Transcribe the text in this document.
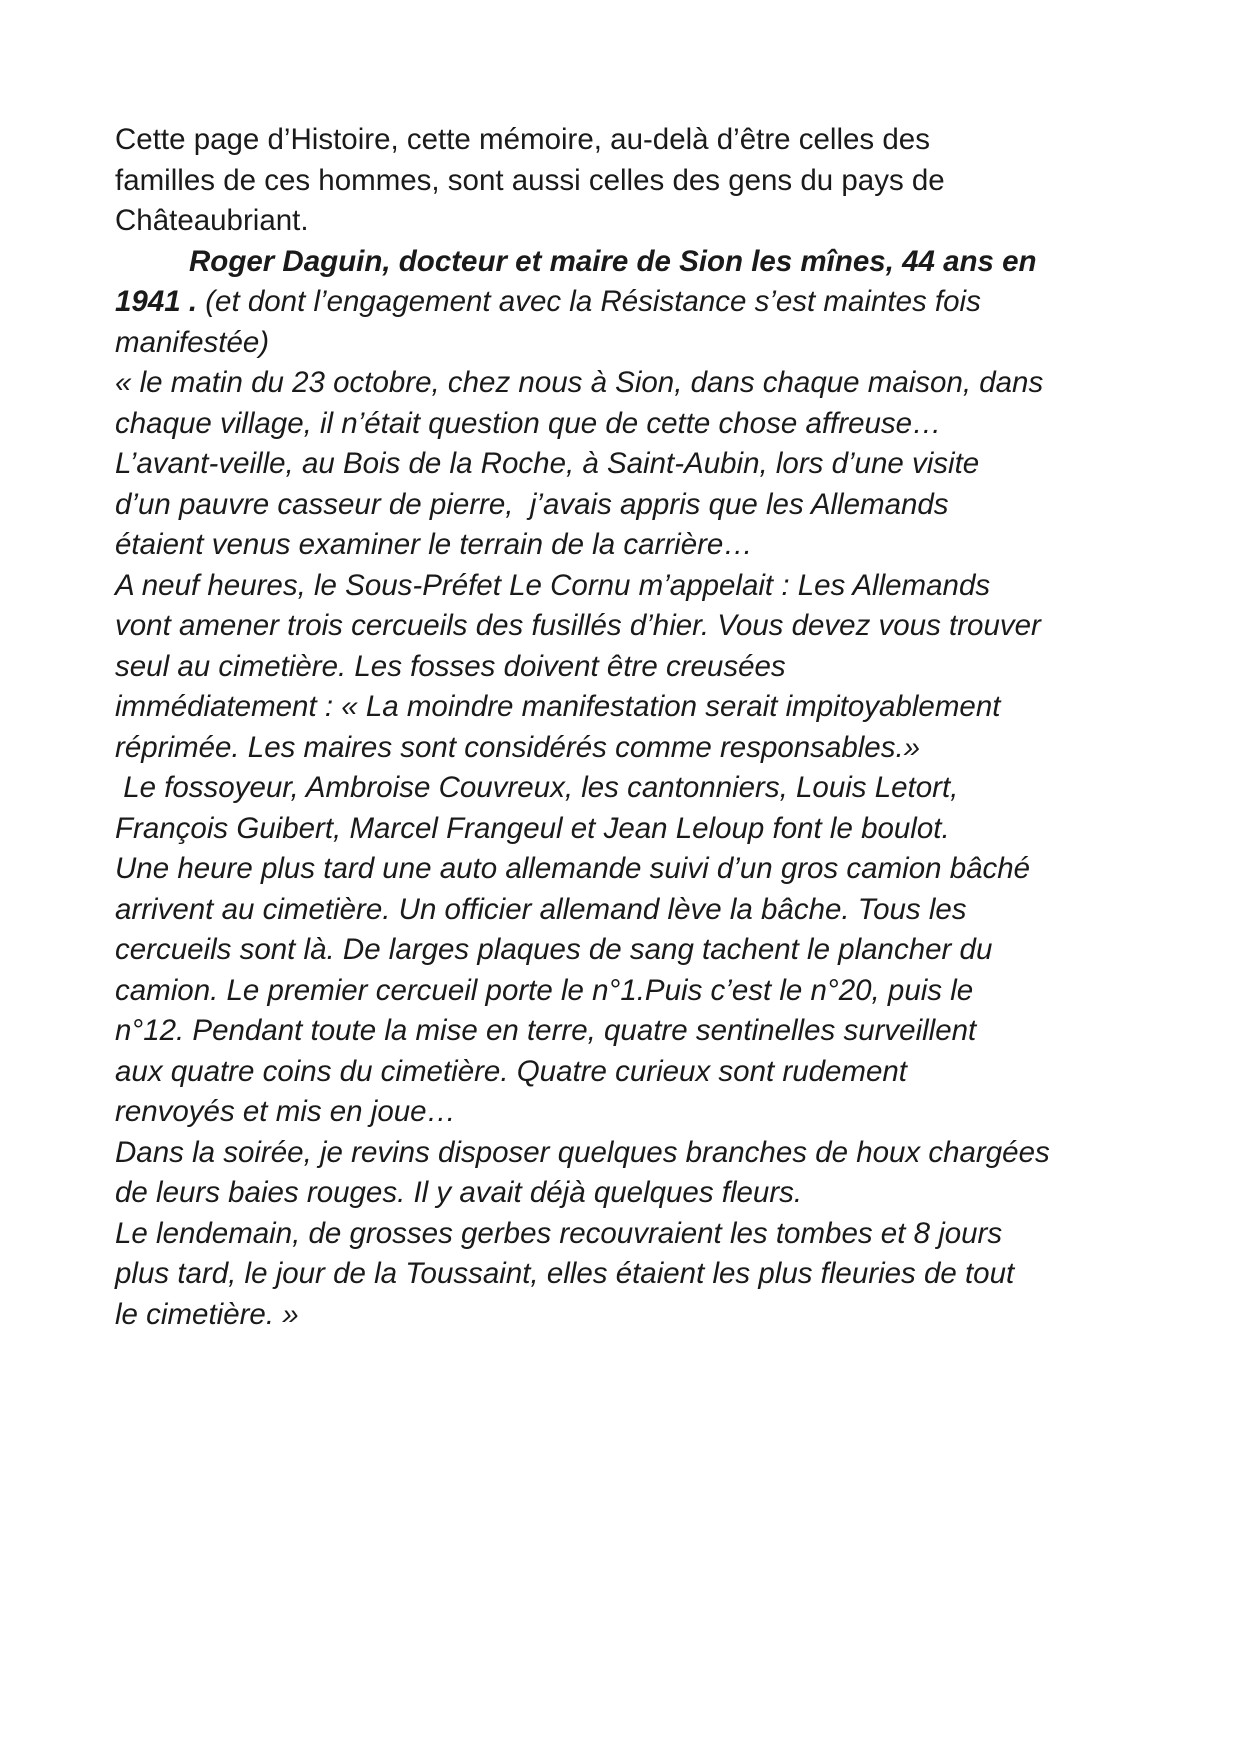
Cette page d’Histoire, cette mémoire, au-delà d’être celles des
familles de ces hommes, sont aussi celles des gens du pays de
Châteaubriant.

Roger Daguin, docteur et maire de Sion les mînes, 44 ans en
1941 . (et dont l’engagement avec la Résistance s’est maintes fois
manifestée)

« le matin du 23 octobre, chez nous à Sion, dans chaque maison, dans
chaque village, il n’était question que de cette chose affreuse…
L’avant-veille, au Bois de la Roche, à Saint-Aubin, lors d’une visite
d’un pauvre casseur de pierre,  j’avais appris que les Allemands
étaient venus examiner le terrain de la carrière…
A neuf heures, le Sous-Préfet Le Cornu m’appelait : Les Allemands
vont amener trois cercueils des fusillés d’hier. Vous devez vous trouver
seul au cimetière. Les fosses doivent être creusées
immédiatement : « La moindre manifestation serait impitoyablement
réprimée. Les maires sont considérés comme responsables.»
Le fossoyeur, Ambroise Couvreux, les cantonniers, Louis Letort,
François Guibert, Marcel Frangeul et Jean Leloup font le boulot.
Une heure plus tard une auto allemande suivi d’un gros camion bâché
arrivent au cimetière. Un officier allemand lève la bâche. Tous les
cercueils sont là. De larges plaques de sang tachent le plancher du
camion. Le premier cercueil porte le n°1.Puis c’est le n°20, puis le
n°12. Pendant toute la mise en terre, quatre sentinelles surveillent
aux quatre coins du cimetière. Quatre curieux sont rudement
renvoyés et mis en joue…
Dans la soirée, je revins disposer quelques branches de houx chargées
de leurs baies rouges. Il y avait déjà quelques fleurs.
Le lendemain, de grosses gerbes recouvraient les tombes et 8 jours
plus tard, le jour de la Toussaint, elles étaient les plus fleuries de tout
le cimetière. »
